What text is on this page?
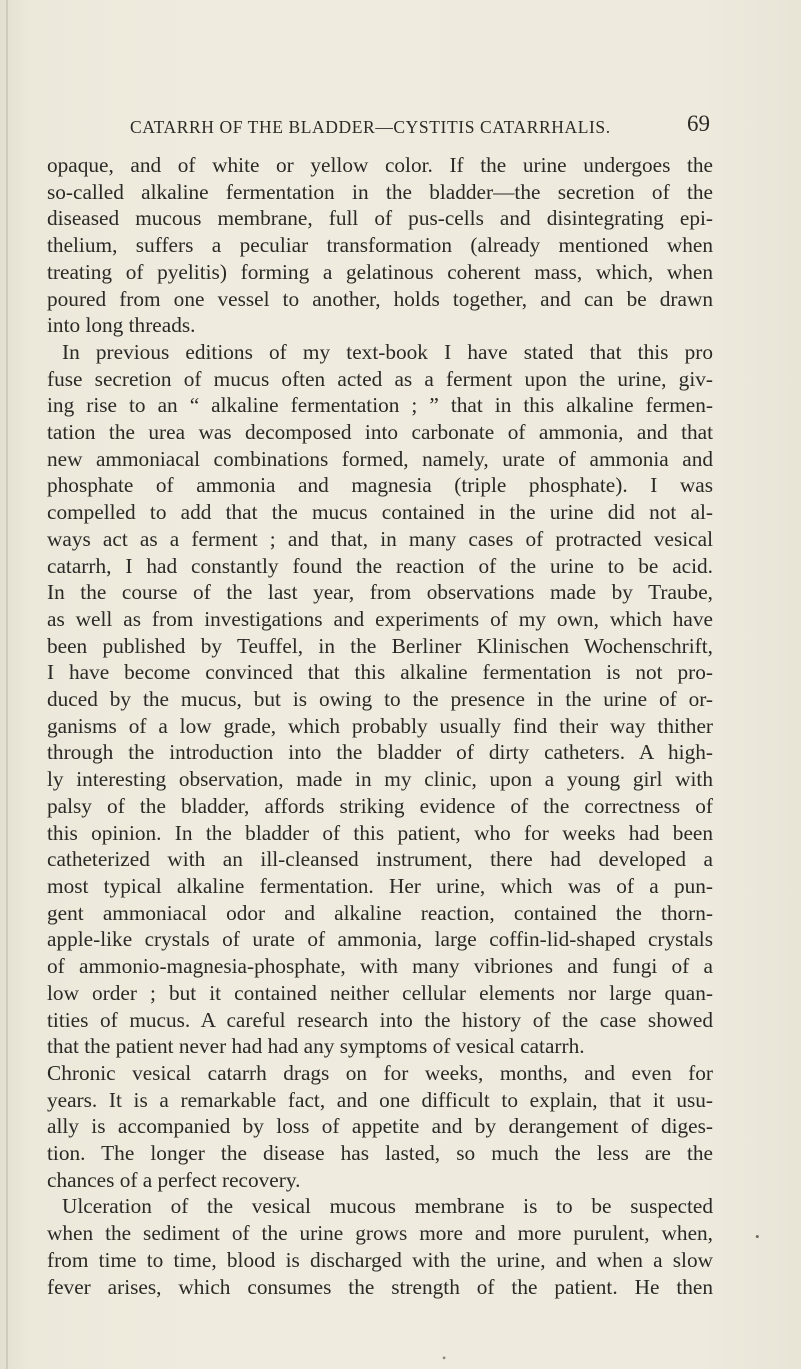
CATARRH OF THE BLADDER—CYSTITIS CATARRHALIS.	69

opaque, and of white or yellow color. If the urine undergoes the
so-called alkaline fermentation in the bladder—the secretion of the
diseased mucous membrane, full of pus-cells and disintegrating epi-
thelium, suffers a peculiar transformation (already mentioned when
treating of pyelitis) forming a gelatinous coherent mass, which, when
poured from one vessel to another, holds together, and can be drawn
into long threads.

In previous editions of my text-book I have stated that this pro
fuse secretion of mucus often acted as a ferment upon the urine, giv-
ing rise to an “ alkaline fermentation ; ” that in this alkaline fermen-
tation the urea was decomposed into carbonate of ammonia, and that
new ammoniacal combinations formed, namely, urate of ammonia and
phosphate of ammonia and magnesia (triple phosphate). I was
compelled to add that the mucus contained in the urine did not al-
ways act as a ferment ; and that, in many cases of protracted vesical
catarrh, I had constantly found the reaction of the urine to be acid.
In the course of the last year, from observations made by Traube,
as well as from investigations and experiments of my own, which have
been published by Teuffel, in the Berliner Klinischen Wochenschrift,
I have become convinced that this alkaline fermentation is not pro-
duced by the mucus, but is owing to the presence in the urine of or-
ganisms of a low grade, which probably usually find their way thither
through the introduction into the bladder of dirty catheters. A high-
ly interesting observation, made in my clinic, upon a young girl with
palsy of the bladder, affords striking evidence of the correctness of
this opinion. In the bladder of this patient, who for weeks had been
catheterized with an ill-cleansed instrument, there had developed a
most typical alkaline fermentation. Her urine, which was of a pun-
gent ammoniacal odor and alkaline reaction, contained the thorn-
apple-like crystals of urate of ammonia, large coffin-lid-shaped crystals
of ammonio-magnesia-phosphate, with many vibriones and fungi of a
low order ; but it contained neither cellular elements nor large quan-
tities of mucus. A careful research into the history of the case showed
that the patient never had had any symptoms of vesical catarrh.

Chronic vesical catarrh drags on for weeks, months, and even for
years. It is a remarkable fact, and one difficult to explain, that it usu-
ally is accompanied by loss of appetite and by derangement of diges-
tion. The longer the disease has lasted, so much the less are the
chances of a perfect recovery.

Ulceration of the vesical mucous membrane is to be suspected
when the sediment of the urine grows more and more purulent, when,
from time to time, blood is discharged with the urine, and when a slow
fever arises, which consumes the strength of the patient. He then

•
•
